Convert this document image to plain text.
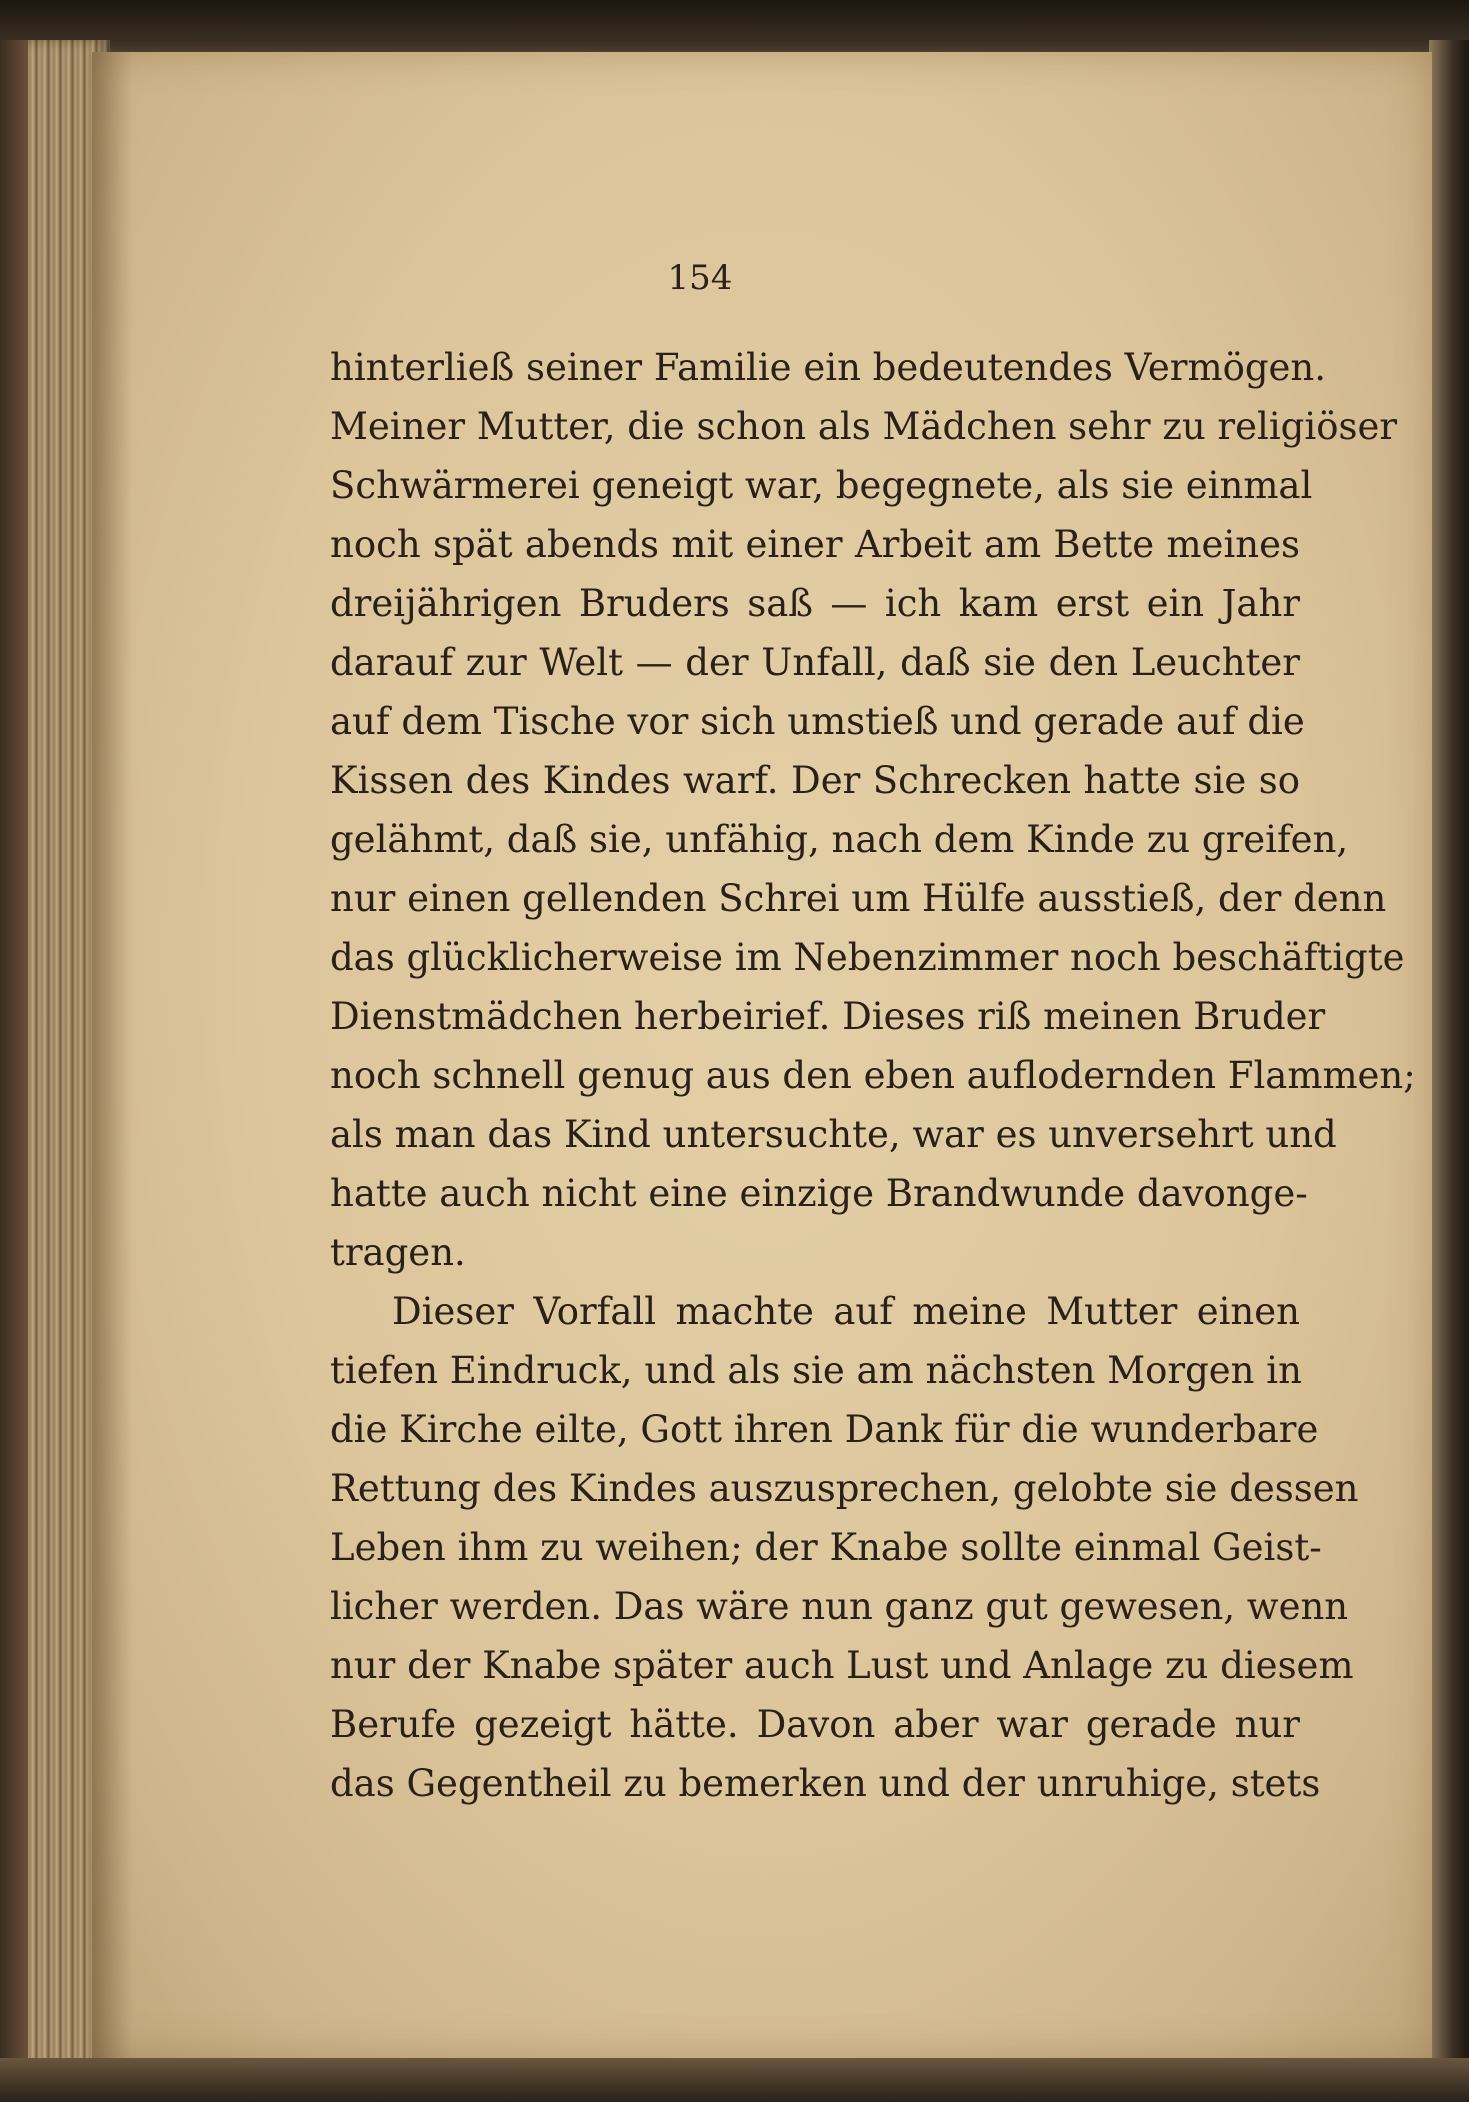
154
hinterließ seiner Familie ein bedeutendes Vermögen.
Meiner Mutter, die schon als Mädchen sehr zu religiöser
Schwärmerei geneigt war, begegnete, als sie einmal
noch spät abends mit einer Arbeit am Bette meines
dreijährigen Bruders saß — ich kam erst ein Jahr
darauf zur Welt — der Unfall, daß sie den Leuchter
auf dem Tische vor sich umstieß und gerade auf die
Kissen des Kindes warf. Der Schrecken hatte sie so
gelähmt, daß sie, unfähig, nach dem Kinde zu greifen,
nur einen gellenden Schrei um Hülfe ausstieß, der denn
das glücklicherweise im Nebenzimmer noch beschäftigte
Dienstmädchen herbeirief. Dieses riß meinen Bruder
noch schnell genug aus den eben auflodernden Flammen;
als man das Kind untersuchte, war es unversehrt und
hatte auch nicht eine einzige Brandwunde davonge-
tragen.
Dieser Vorfall machte auf meine Mutter einen
tiefen Eindruck, und als sie am nächsten Morgen in
die Kirche eilte, Gott ihren Dank für die wunderbare
Rettung des Kindes auszusprechen, gelobte sie dessen
Leben ihm zu weihen; der Knabe sollte einmal Geist-
licher werden. Das wäre nun ganz gut gewesen, wenn
nur der Knabe später auch Lust und Anlage zu diesem
Berufe gezeigt hätte. Davon aber war gerade nur
das Gegentheil zu bemerken und der unruhige, stets
